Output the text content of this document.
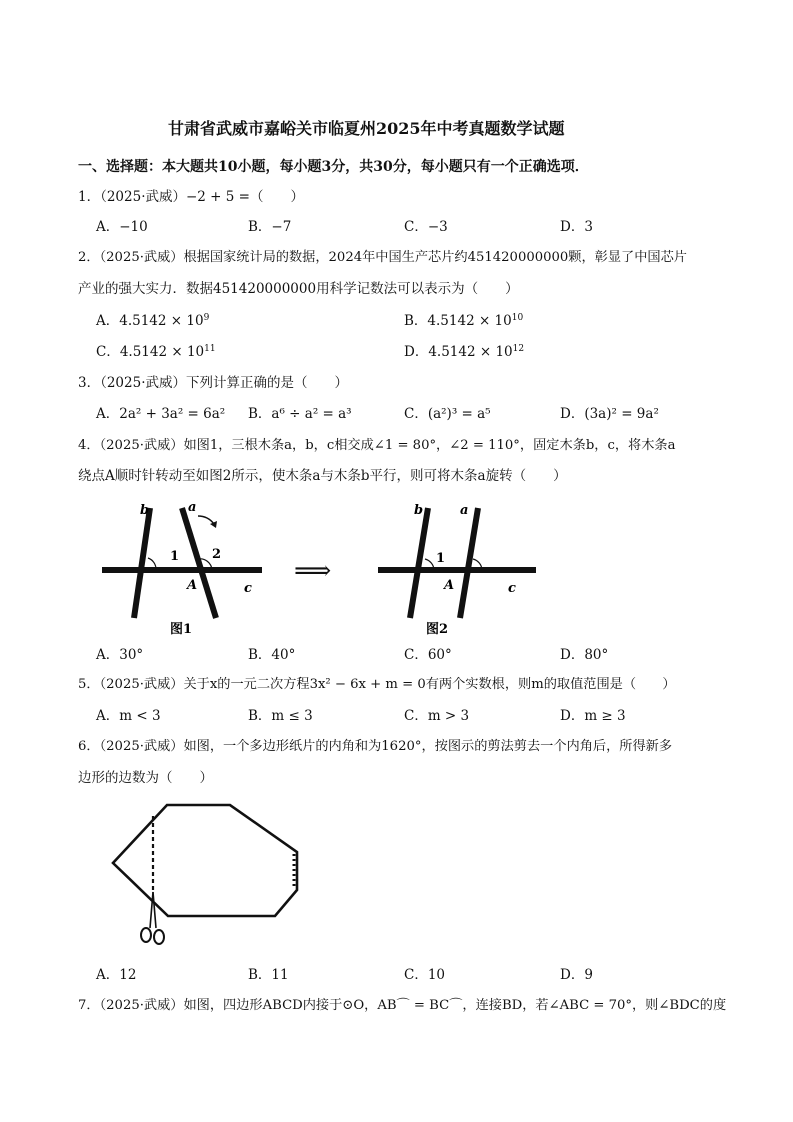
甘肃省武威市嘉峪关市临夏州2025年中考真题数学试题
一、选择题：本大题共10小题，每小题3分，共30分，每小题只有一个正确选项．
1．（2025·武威）−2 + 5 =（　　）
A．−10	B．−7	C．−3	D．3
2．（2025·武威）根据国家统计局的数据，2024年中国生产芯片约451420000000颗，彰显了中国芯片
产业的强大实力．数据451420000000用科学记数法可以表示为（　　）
A．$4.5142 \times 10^9$	B．$4.5142 \times 10^{10}$
C．$4.5142 \times 10^{11}$	D．$4.5142 \times 10^{12}$
3．（2025·武威）下列计算正确的是（　　）
A．2a² + 3a² = 6a² B．a⁶ ÷ a² = a³	C．(a²)³ = a⁵	D．(3a)² = 9a²
4．（2025·武威）如图1，三根木条a，b，c相交成∠1 = 80°，∠2 = 110°，固定木条b，c，将木条a
绕点A顺时针转动至如图2所示，使木条a与木条b平行，则可将木条a旋转（　　）
b	a
1	2
A	c
图1
⟹
b	a
1
A	c
图2
A．30°	B．40°	C．60°	D．80°
5．（2025·武威）关于x的一元二次方程3x² − 6x + m = 0有两个实数根，则m的取值范围是（　　）
A．m < 3	B．m ≤ 3	C．m > 3	D．m ≥ 3
6．（2025·武威）如图，一个多边形纸片的内角和为1620°，按图示的剪法剪去一个内角后，所得新多
边形的边数为（　　）
A．12	B．11	C．10	D．9
7．（2025·武威）如图，四边形ABCD内接于⊙O，AB⌒ = BC⌒，连接BD，若∠ABC = 70°，则∠BDC的度
